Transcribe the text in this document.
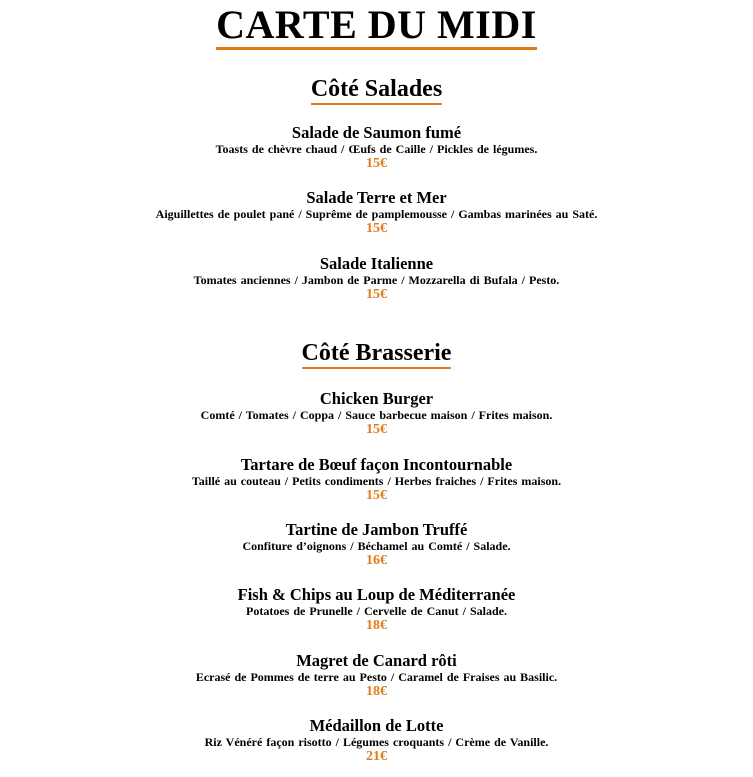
CARTE DU MIDI
Côté Salades
Salade de Saumon fumé
Toasts de chèvre chaud / Œufs de Caille / Pickles de légumes.
15€
Salade Terre et Mer
Aiguillettes de poulet pané / Suprême de pamplemousse / Gambas marinées au Saté.
15€
Salade Italienne
Tomates anciennes / Jambon de Parme / Mozzarella di Bufala / Pesto.
15€
Côté Brasserie
Chicken Burger
Comté / Tomates / Coppa / Sauce barbecue maison / Frites maison.
15€
Tartare de Bœuf façon Incontournable
Taillé au couteau / Petits condiments / Herbes fraiches / Frites maison.
15€
Tartine de Jambon Truffé
Confiture d’oignons / Béchamel au Comté / Salade.
16€
Fish & Chips au Loup de Méditerranée
Potatoes de Prunelle / Cervelle de Canut / Salade.
18€
Magret de Canard rôti
Ecrasé de Pommes de terre au Pesto / Caramel de Fraises au Basilic.
18€
Médaillon de Lotte
Riz Vénéré façon risotto / Légumes croquants / Crème de Vanille.
21€
